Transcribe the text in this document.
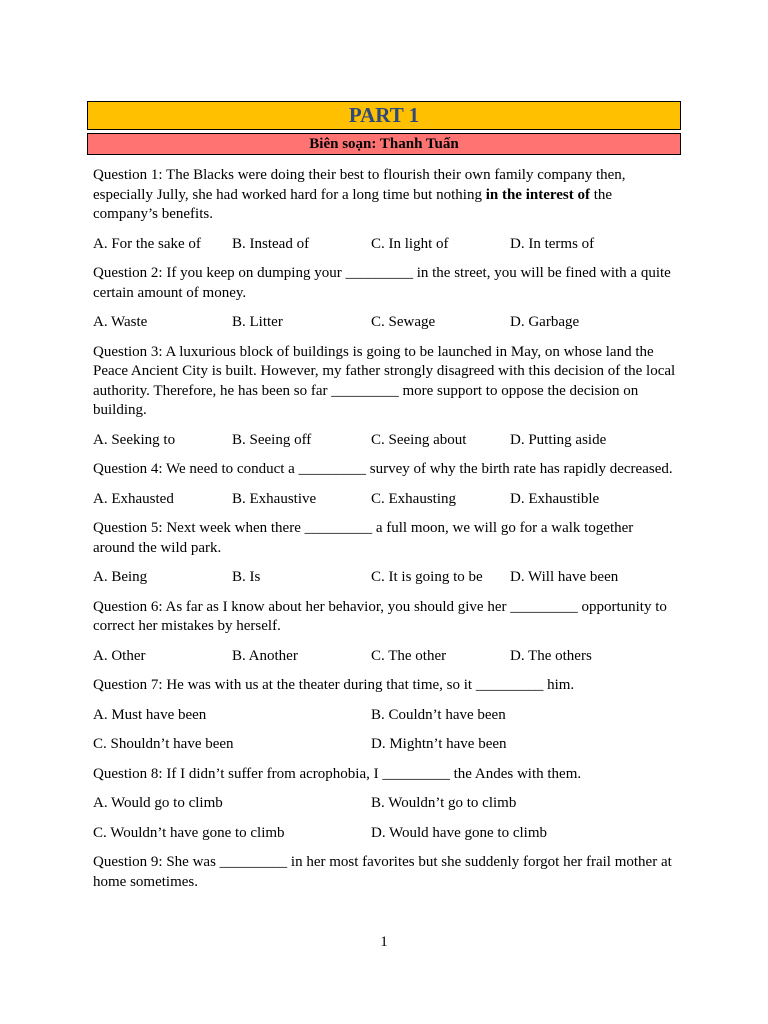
PART 1
Biên soạn: Thanh Tuấn
Question 1: The Blacks were doing their best to flourish their own family company then, especially Jully, she had worked hard for a long time but nothing in the interest of the company’s benefits.
A. For the sake of B. Instead of	C. In light of	D. In terms of
Question 2: If you keep on dumping your _________ in the street, you will be fined with a quite certain amount of money.
A. Waste	B. Litter	C. Sewage	D. Garbage
Question 3: A luxurious block of buildings is going to be launched in May, on whose land the Peace Ancient City is built. However, my father strongly disagreed with this decision of the local authority. Therefore, he has been so far _________ more support to oppose the decision on building.
A. Seeking to	B. Seeing off	C. Seeing about	D. Putting aside
Question 4: We need to conduct a _________ survey of why the birth rate has rapidly decreased.
A. Exhausted	B. Exhaustive	C. Exhausting	D. Exhaustible
Question 5: Next week when there _________ a full moon, we will go for a walk together around the wild park.
A. Being	B. Is	C. It is going to be D. Will have been
Question 6: As far as I know about her behavior, you should give her _________ opportunity to correct her mistakes by herself.
A. Other	B. Another	C. The other	D. The others
Question 7: He was with us at the theater during that time, so it _________ him.
A. Must have been	B. Couldn’t have been
C. Shouldn’t have been	D. Mightn’t have been
Question 8: If I didn’t suffer from acrophobia, I _________ the Andes with them.
A. Would go to climb	B. Wouldn’t go to climb
C. Wouldn’t have gone to climb	D. Would have gone to climb
Question 9: She was _________ in her most favorites but she suddenly forgot her frail mother at home sometimes.
1
